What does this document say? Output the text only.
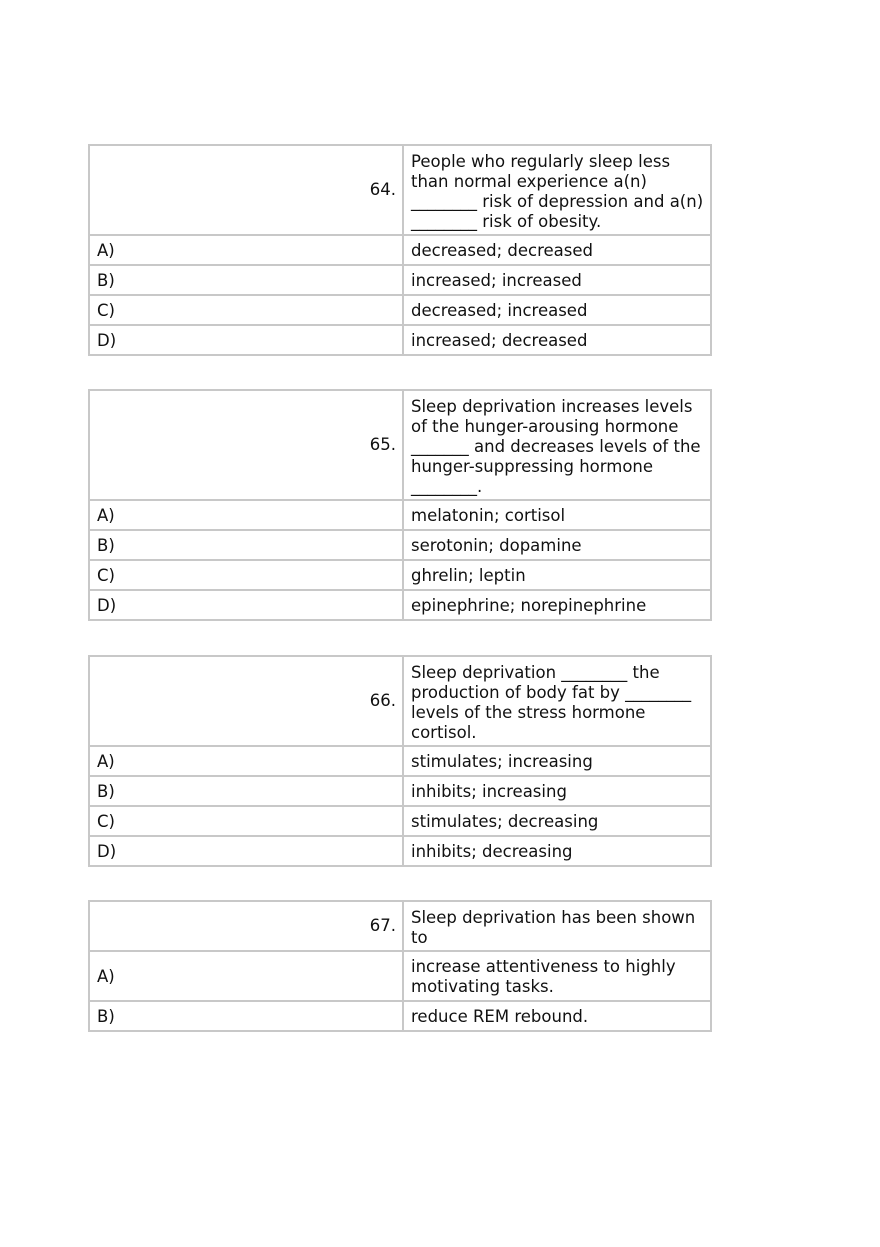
64.	People who regularly sleep less than normal experience a(n) ________ risk of depression and a(n) ________ risk of obesity.
A)	decreased; decreased
B)	increased; increased
C)	decreased; increased
D)	increased; decreased
65.	Sleep deprivation increases levels of the hunger-arousing hormone _______ and decreases levels of the hunger-suppressing hormone ________.
A)	melatonin; cortisol
B)	serotonin; dopamine
C)	ghrelin; leptin
D)	epinephrine; norepinephrine
66.	Sleep deprivation ________ the production of body fat by ________ levels of the stress hormone cortisol.
A)	stimulates; increasing
B)	inhibits; increasing
C)	stimulates; decreasing
D)	inhibits; decreasing
67.	Sleep deprivation has been shown to
A)	increase attentiveness to highly motivating tasks.
B)	reduce REM rebound.
